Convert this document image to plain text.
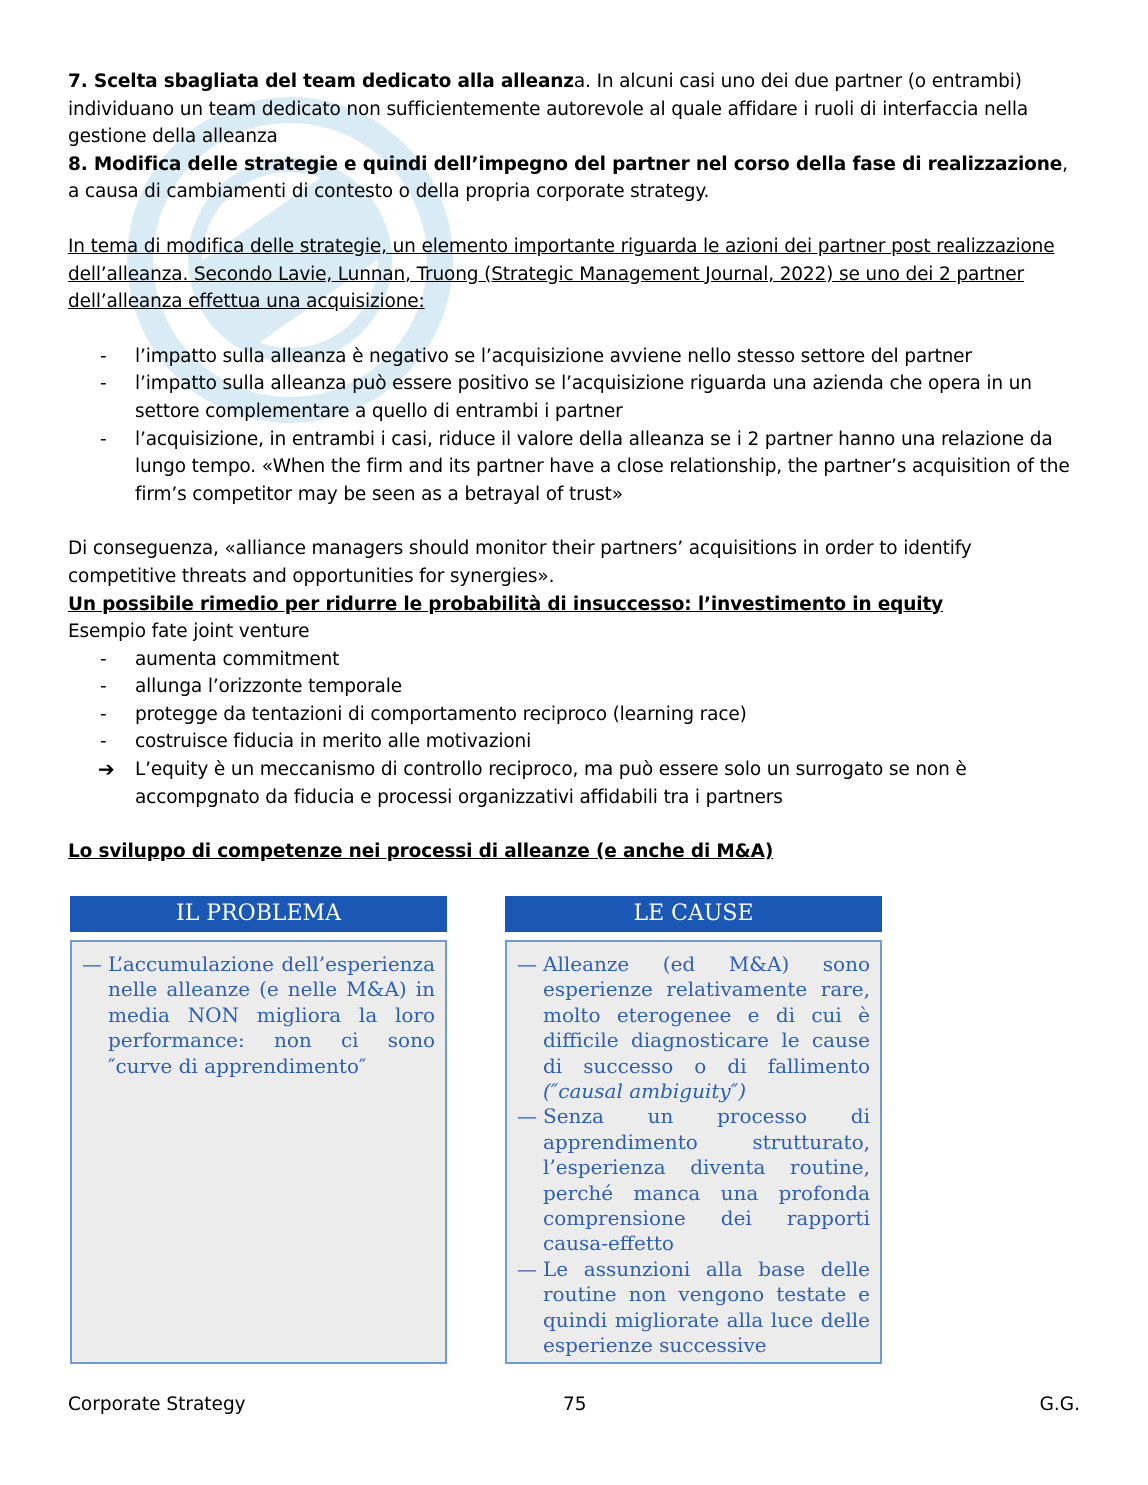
7. Scelta sbagliata del team dedicato alla alleanza. In alcuni casi uno dei due partner (o entrambi) individuano un team dedicato non sufficientemente autorevole al quale affidare i ruoli di interfaccia nella gestione della alleanza

8. Modifica delle strategie e quindi dell’impegno del partner nel corso della fase di realizzazione, a causa di cambiamenti di contesto o della propria corporate strategy.

In tema di modifica delle strategie, un elemento importante riguarda le azioni dei partner post realizzazione dell’alleanza. Secondo Lavie, Lunnan, Truong (Strategic Management Journal, 2022) se uno dei 2 partner dell’alleanza effettua una acquisizione:

- l’impatto sulla alleanza è negativo se l’acquisizione avviene nello stesso settore del partner
- l’impatto sulla alleanza può essere positivo se l’acquisizione riguarda una azienda che opera in un settore complementare a quello di entrambi i partner
- l’acquisizione, in entrambi i casi, riduce il valore della alleanza se i 2 partner hanno una relazione da lungo tempo. «When the firm and its partner have a close relationship, the partner’s acquisition of the firm’s competitor may be seen as a betrayal of trust»

Di conseguenza, «alliance managers should monitor their partners’ acquisitions in order to identify competitive threats and opportunities for synergies».

Un possibile rimedio per ridurre le probabilità di insuccesso: l’investimento in equity

Esempio fate joint venture

- aumenta commitment
- allunga l’orizzonte temporale
- protegge da tentazioni di comportamento reciproco (learning race)
- costruisce fiducia in merito alle motivazioni
➔ L’equity è un meccanismo di controllo reciproco, ma può essere solo un surrogato se non è accompgnato da fiducia e processi organizzativi affidabili tra i partners

Lo sviluppo di competenze nei processi di alleanze (e anche di M&A)

IL PROBLEMA
— L’accumulazione dell’esperienza nelle alleanze (e nelle M&A) in media NON migliora la loro performance: non ci sono ″curve di apprendimento″
LE CAUSE
— Alleanze (ed M&A) sono esperienze relativamente rare, molto eterogenee e di cui è difficile diagnosticare le cause di successo o di fallimento (″causal ambiguity″)
— Senza un processo di apprendimento strutturato, l’esperienza diventa routine, perché manca una profonda comprensione dei rapporti causa-effetto
— Le assunzioni alla base delle routine non vengono testate e quindi migliorate alla luce delle esperienze successive
Corporate Strategy	75	G.G.
